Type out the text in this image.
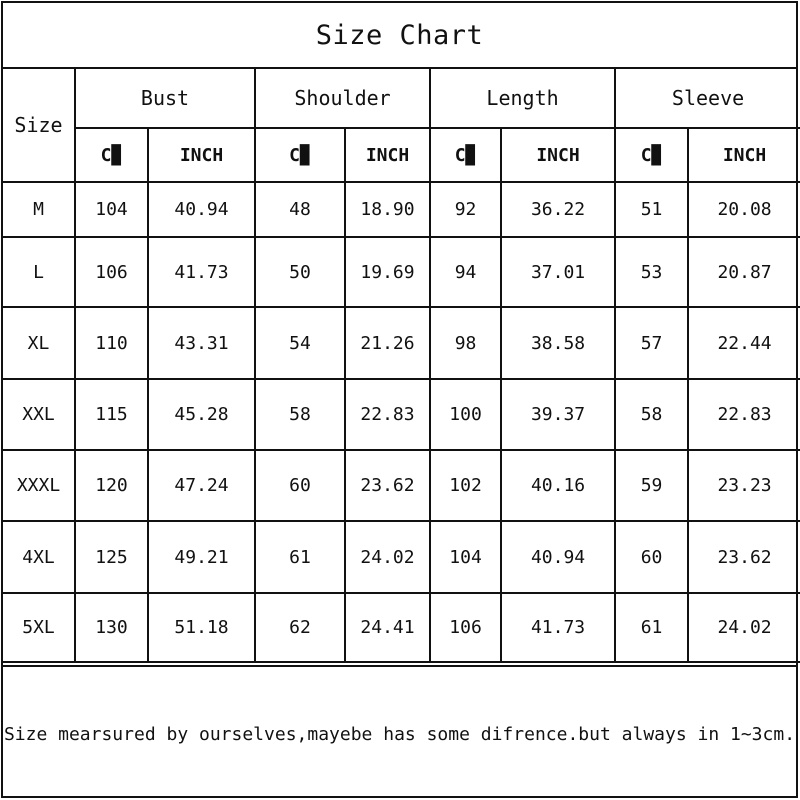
Size Chart
Size	Bust		Shoulder		Length		Sleeve	
	C▉	INCH	C▉	INCH	C▉	INCH	C▉	INCH
M	104	40.94	48	18.90	92	36.22	51	20.08
L	106	41.73	50	19.69	94	37.01	53	20.87
XL	110	43.31	54	21.26	98	38.58	57	22.44
XXL	115	45.28	58	22.83	100	39.37	58	22.83
XXXL	120	47.24	60	23.62	102	40.16	59	23.23
4XL	125	49.21	61	24.02	104	40.94	60	23.62
5XL	130	51.18	62	24.41	106	41.73	61	24.02
Size mearsured by ourselves,mayebe has some difrence.but always in 1~3cm.
